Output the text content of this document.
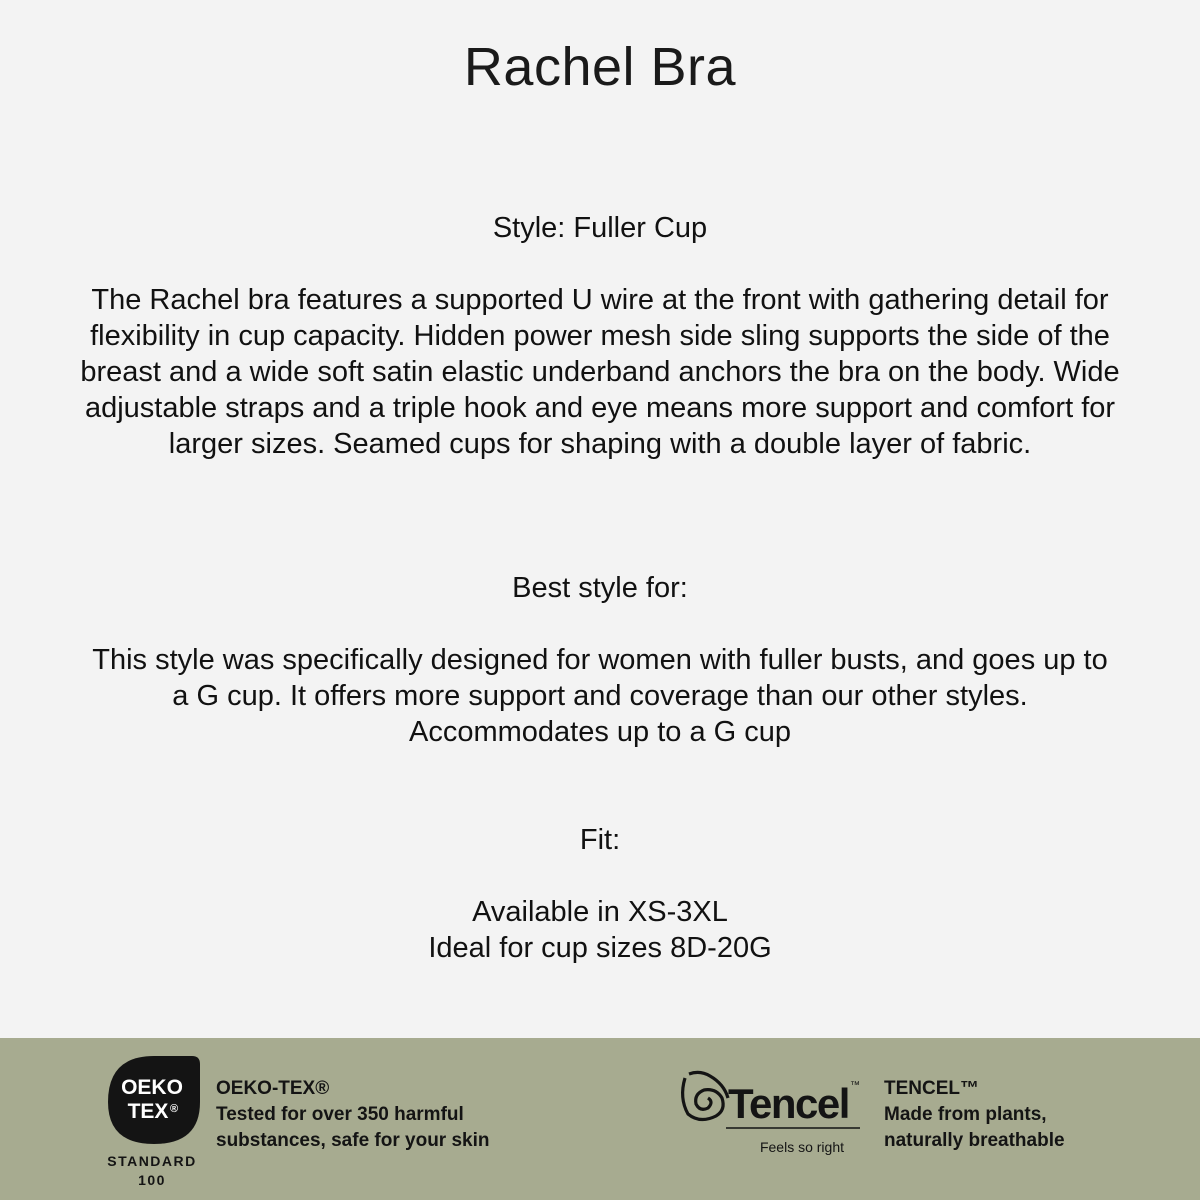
Rachel Bra
Style: Fuller Cup
The Rachel bra features a supported U wire at the front with gathering detail for flexibility in cup capacity. Hidden power mesh side sling supports the side of the breast and a wide soft satin elastic underband anchors the bra on the body. Wide adjustable straps and a triple hook and eye means more support and comfort for larger sizes. Seamed cups for shaping with a double layer of fabric.
Best style for:
This style was specifically designed for women with fuller busts, and goes up to a G cup. It offers more support and coverage than our other styles. Accommodates up to a G cup
Fit:
Available in XS-3XL
Ideal for cup sizes 8D-20G
OEKO
TEX ®
STANDARD
100
OEKO-TEX®
Tested for over 350 harmful
substances, safe for your skin
Tencel ™
Feels so right
TENCEL™
Made from plants,
naturally breathable
